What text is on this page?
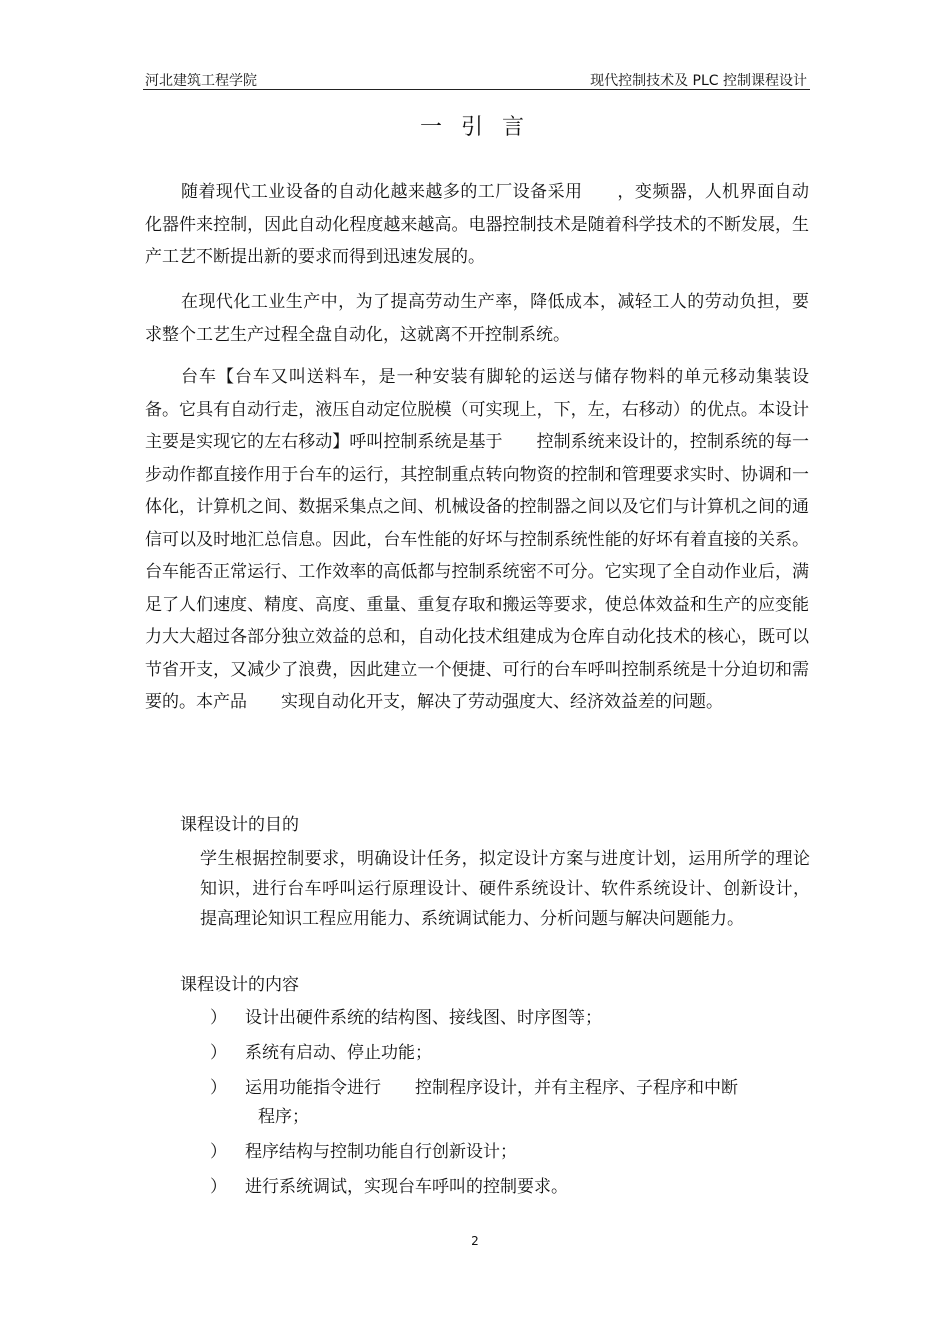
河北建筑工程学院	现代控制技术及 PLC 控制课程设计
一 引 言

随着现代工业设备的自动化越来越多的工厂设备采用　　，变频器，人机界面自动化器件来控制，因此自动化程度越来越高。电器控制技术是随着科学技术的不断发展，生产工艺不断提出新的要求而得到迅速发展的。

在现代化工业生产中，为了提高劳动生产率，降低成本，减轻工人的劳动负担，要求整个工艺生产过程全盘自动化，这就离不开控制系统。

台车【台车又叫送料车，是一种安装有脚轮的运送与储存物料的单元移动集装设备。它具有自动行走，液压自动定位脱模（可实现上，下，左，右移动）的优点。本设计主要是实现它的左右移动】呼叫控制系统是基于　　控制系统来设计的，控制系统的每一步动作都直接作用于台车的运行，其控制重点转向物资的控制和管理要求实时、协调和一体化，计算机之间、数据采集点之间、机械设备的控制器之间以及它们与计算机之间的通信可以及时地汇总信息。因此，台车性能的好坏与控制系统性能的好坏有着直接的关系。台车能否正常运行、工作效率的高低都与控制系统密不可分。它实现了全自动作业后，满足了人们速度、精度、高度、重量、重复存取和搬运等要求，使总体效益和生产的应变能力大大超过各部分独立效益的总和，自动化技术组建成为仓库自动化技术的核心，既可以节省开支，又减少了浪费，因此建立一个便捷、可行的台车呼叫控制系统是十分迫切和需要的。本产品　　实现自动化开支，解决了劳动强度大、经济效益差的问题。

课程设计的目的

学生根据控制要求，明确设计任务，拟定设计方案与进度计划，运用所学的理论知识，进行台车呼叫运行原理设计、硬件系统设计、软件系统设计、创新设计，提高理论知识工程应用能力、系统调试能力、分析问题与解决问题能力。

课程设计的内容

） 设计出硬件系统的结构图、接线图、时序图等；
） 系统有启动、停止功能；
） 运用功能指令进行　　控制程序设计，并有主程序、子程序和中断
程序；
） 程序结构与控制功能自行创新设计；
） 进行系统调试，实现台车呼叫的控制要求。
2
